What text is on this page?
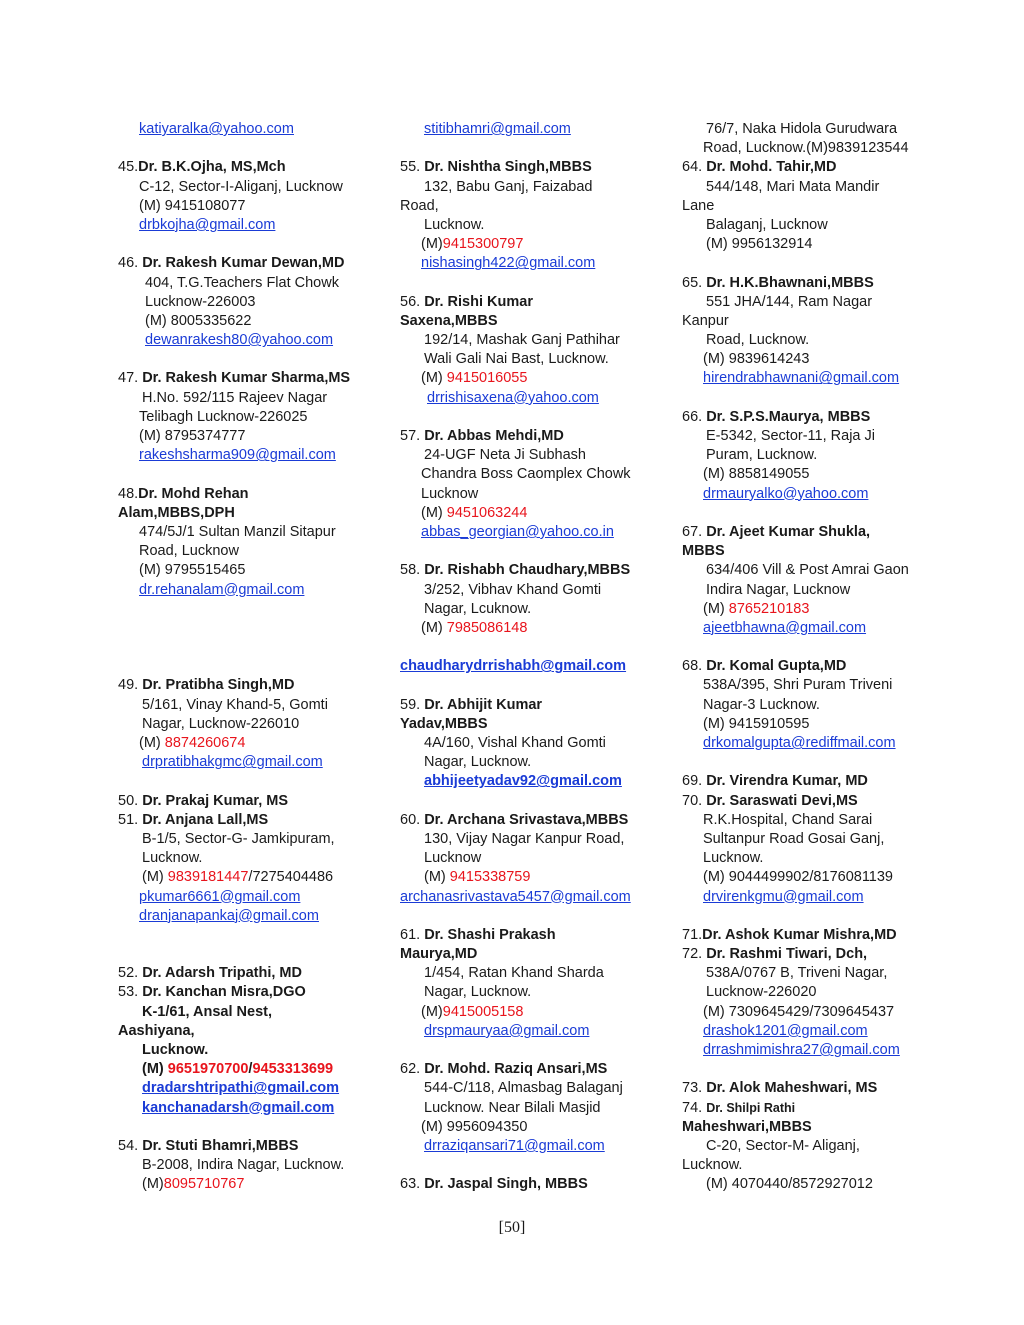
katiyaralka@yahoo.com
45.Dr. B.K.Ojha, MS,Mch
C-12, Sector-I-Aliganj, Lucknow
(M) 9415108077
drbkojha@gmail.com
46. Dr. Rakesh Kumar Dewan,MD
404, T.G.Teachers Flat Chowk
Lucknow-226003
(M) 8005335622
dewanrakesh80@yahoo.com
47. Dr. Rakesh Kumar Sharma,MS
H.No. 592/115 Rajeev Nagar
Telibagh Lucknow-226025
(M) 8795374777
rakeshsharma909@gmail.com
48.Dr. Mohd Rehan
Alam,MBBS,DPH
474/5J/1 Sultan Manzil Sitapur
Road, Lucknow
(M) 9795515465
dr.rehanalam@gmail.com
49. Dr. Pratibha Singh,MD
5/161, Vinay Khand-5, Gomti
Nagar, Lucknow-226010
(M) 8874260674
drpratibhakgmc@gmail.com
50. Dr. Prakaj Kumar, MS
51. Dr. Anjana Lall,MS
B-1/5, Sector-G- Jamkipuram,
Lucknow.
(M) 9839181447/7275404486
pkumar6661@gmail.com
dranjanapankaj@gmail.com
52. Dr. Adarsh Tripathi, MD
53. Dr. Kanchan Misra,DGO
K-1/61, Ansal Nest,
Aashiyana,
Lucknow.
(M) 9651970700/9453313699
dradarshtripathi@gmail.com
kanchanadarsh@gmail.com
54. Dr. Stuti Bhamri,MBBS
B-2008, Indira Nagar, Lucknow.
(M)8095710767
stitibhamri@gmail.com
55. Dr. Nishtha Singh,MBBS
132, Babu Ganj, Faizabad
Road,
Lucknow.
(M)9415300797
nishasingh422@gmail.com
56. Dr. Rishi Kumar
Saxena,MBBS
192/14, Mashak Ganj Pathihar
Wali Gali Nai Bast, Lucknow.
(M) 9415016055
drrishisaxena@yahoo.com
57. Dr. Abbas Mehdi,MD
24-UGF Neta Ji Subhash
Chandra Boss Caomplex Chowk
Lucknow
(M) 9451063244
abbas_georgian@yahoo.co.in
58. Dr. Rishabh Chaudhary,MBBS
3/252, Vibhav Khand Gomti
Nagar, Lcuknow.
(M) 7985086148
chaudharydrrishabh@gmail.com
59. Dr. Abhijit Kumar
Yadav,MBBS
4A/160, Vishal Khand Gomti
Nagar, Lucknow.
abhijeetyadav92@gmail.com
60. Dr. Archana Srivastava,MBBS
130, Vijay Nagar Kanpur Road,
Lucknow
(M) 9415338759
archanasrivastava5457@gmail.com
61. Dr. Shashi Prakash
Maurya,MD
1/454, Ratan Khand Sharda
Nagar, Lucknow.
(M)9415005158
drspmauryaa@gmail.com
62. Dr. Mohd. Raziq Ansari,MS
544-C/118, Almasbag Balaganj
Lucknow. Near Bilali Masjid
(M) 9956094350
drraziqansari71@gmail.com
63. Dr. Jaspal Singh, MBBS
76/7, Naka Hidola Gurudwara
Road, Lucknow.(M)9839123544
64. Dr. Mohd. Tahir,MD
544/148, Mari Mata Mandir
Lane
Balaganj, Lucknow
(M) 9956132914
65. Dr. H.K.Bhawnani,MBBS
551 JHA/144, Ram Nagar
Kanpur
Road, Lucknow.
(M) 9839614243
hirendrabhawnani@gmail.com
66. Dr. S.P.S.Maurya, MBBS
E-5342, Sector-11, Raja Ji
Puram, Lucknow.
(M) 8858149055
drmauryalko@yahoo.com
67. Dr. Ajeet Kumar Shukla,
MBBS
634/406 Vill & Post Amrai Gaon
Indira Nagar, Lucknow
(M) 8765210183
ajeetbhawna@gmail.com
68. Dr. Komal Gupta,MD
538A/395, Shri Puram Triveni
Nagar-3 Lucknow.
(M) 9415910595
drkomalgupta@rediffmail.com
69. Dr. Virendra Kumar, MD
70. Dr. Saraswati Devi,MS
R.K.Hospital, Chand Sarai
Sultanpur Road Gosai Ganj,
Lucknow.
(M) 9044499902/8176081139
drvirenkgmu@gmail.com
71.Dr. Ashok Kumar Mishra,MD
72. Dr. Rashmi Tiwari, Dch,
538A/0767 B, Triveni Nagar,
Lucknow-226020
(M) 7309645429/7309645437
drashok1201@gmail.com
drrashmimishra27@gmail.com
73. Dr. Alok Maheshwari, MS
74. Dr. Shilpi Rathi
Maheshwari,MBBS
C-20, Sector-M- Aliganj,
Lucknow.
(M) 4070440/8572927012
[50]
